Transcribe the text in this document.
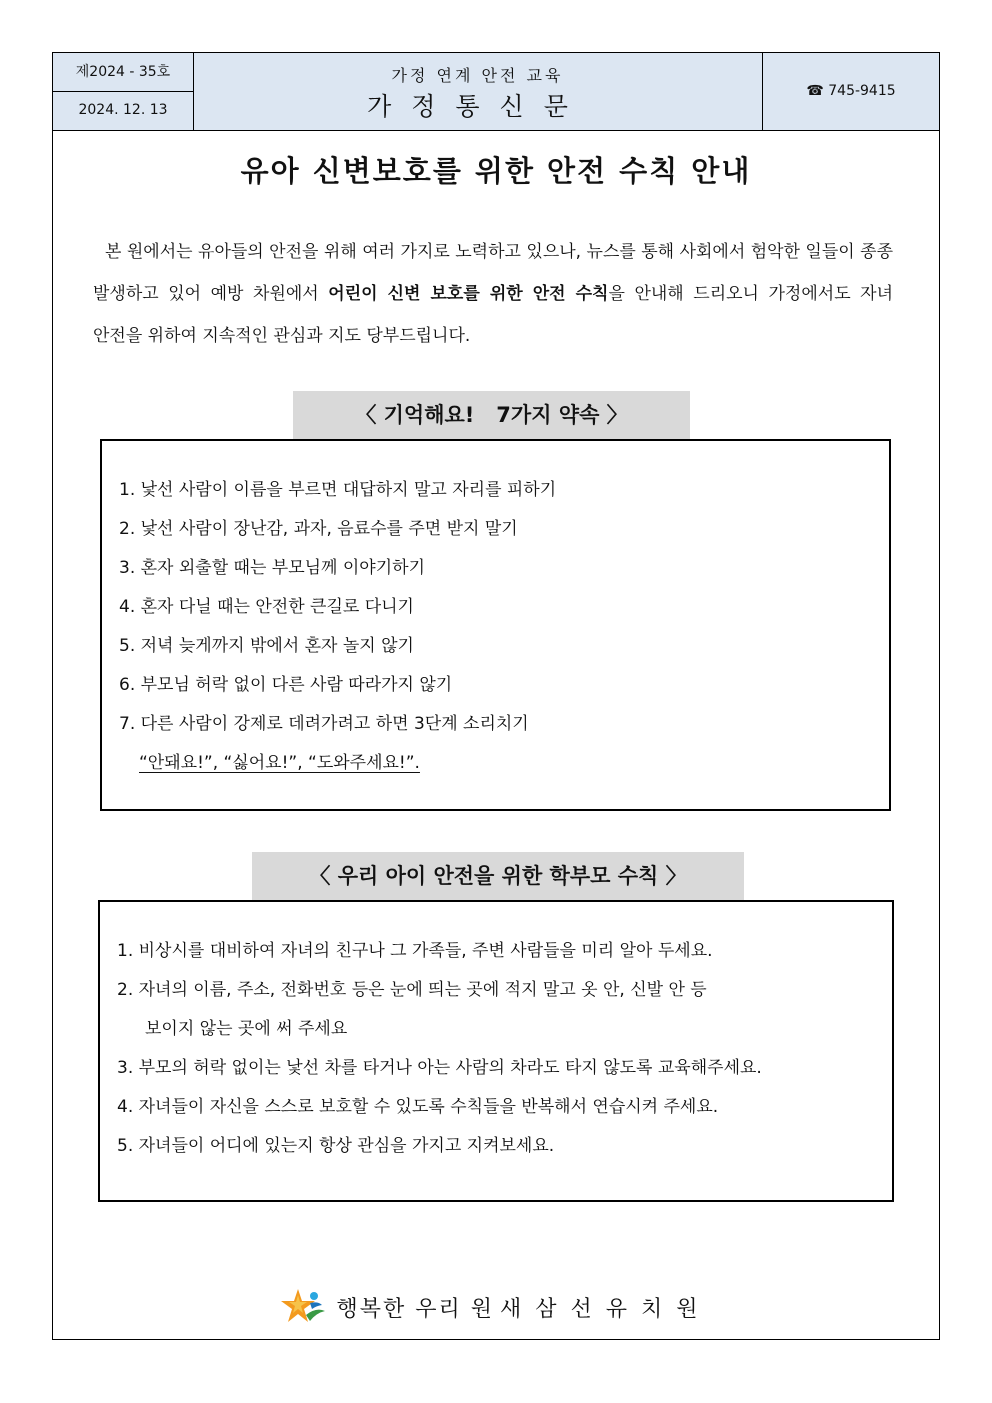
제2024 - 35호
2024. 12. 13
가정 연계 안전 교육
가정통신문
☎ 745-9415
유아 신변보호를 위한 안전 수칙 안내
본 원에서는 유아들의 안전을 위해 여러 가지로 노력하고 있으나, 뉴스를 통해 사회에서 험악한 일들이 종종 발생하고 있어 예방 차원에서 어린이 신변 보호를 위한 안전 수칙을 안내해 드리오니 가정에서도 자녀 안전을 위하여 지속적인 관심과 지도 당부드립니다.
〈 기억해요!   7가지 약속 〉
1. 낯선 사람이 이름을 부르면 대답하지 말고 자리를 피하기
2. 낯선 사람이 장난감, 과자, 음료수를 주면 받지 말기
3. 혼자 외출할 때는 부모님께 이야기하기
4. 혼자 다닐 때는 안전한 큰길로 다니기
5. 저녁 늦게까지 밖에서 혼자 놀지 않기
6. 부모님 허락 없이 다른 사람 따라가지 않기
7. 다른 사람이 강제로 데려가려고 하면 3단계 소리치기
“안돼요!”, “싫어요!”, “도와주세요!”.
〈 우리 아이 안전을 위한 학부모 수칙 〉
1. 비상시를 대비하여 자녀의 친구나 그 가족들, 주변 사람들을 미리 알아 두세요.
2. 자녀의 이름, 주소, 전화번호 등은 눈에 띄는 곳에 적지 말고 옷 안, 신발 안 등
보이지 않는 곳에 써 주세요
3. 부모의 허락 없이는 낯선 차를 타거나 아는 사람의 차라도 타지 않도록 교육해주세요.
4. 자녀들이 자신을 스스로 보호할 수 있도록 수칙들을 반복해서 연습시켜 주세요.
5. 자녀들이 어디에 있는지 항상 관심을 가지고 지켜보세요.
행복한 우리 원 새삼선유치원
